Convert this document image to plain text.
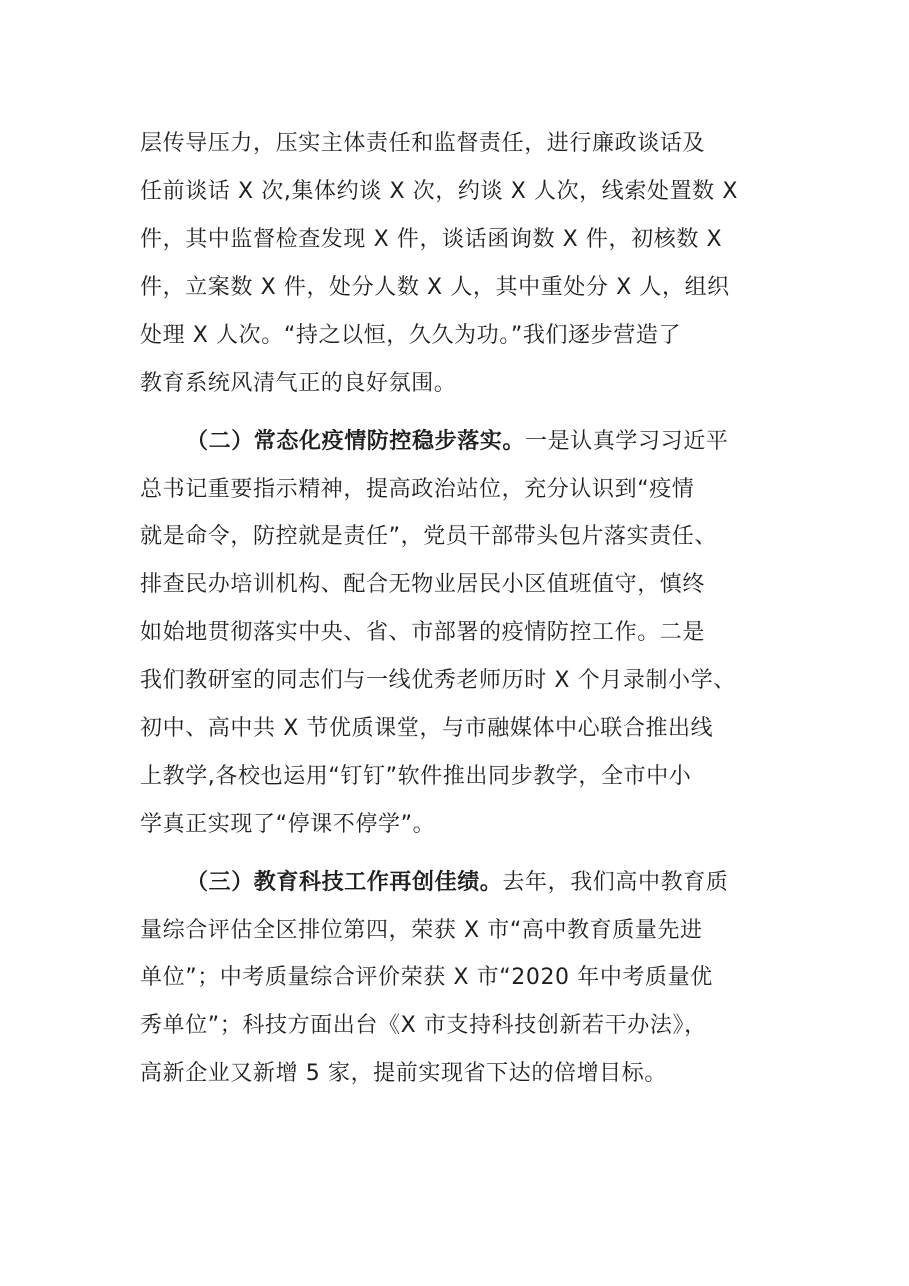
层传导压力，压实主体责任和监督责任，进行廉政谈话及
任前谈话 X 次,集体约谈 X 次，约谈 X 人次，线索处置数 X
件，其中监督检查发现 X 件，谈话函询数 X 件，初核数 X
件，立案数 X 件，处分人数 X 人，其中重处分 X 人，组织
处理 X 人次。“持之以恒，久久为功。”我们逐步营造了
教育系统风清气正的良好氛围。
（二）常态化疫情防控稳步落实。一是认真学习习近平
总书记重要指示精神，提高政治站位，充分认识到“疫情
就是命令，防控就是责任”，党员干部带头包片落实责任、
排查民办培训机构、配合无物业居民小区值班值守，慎终
如始地贯彻落实中央、省、市部署的疫情防控工作。二是
我们教研室的同志们与一线优秀老师历时 X 个月录制小学、
初中、高中共 X 节优质课堂，与市融媒体中心联合推出线
上教学,各校也运用“钉钉”软件推出同步教学，全市中小
学真正实现了“停课不停学”。
（三）教育科技工作再创佳绩。去年，我们高中教育质
量综合评估全区排位第四，荣获 X 市“高中教育质量先进
单位”；中考质量综合评价荣获 X 市“2020 年中考质量优
秀单位”；科技方面出台《X 市支持科技创新若干办法》，
高新企业又新增 5 家，提前实现省下达的倍增目标。
